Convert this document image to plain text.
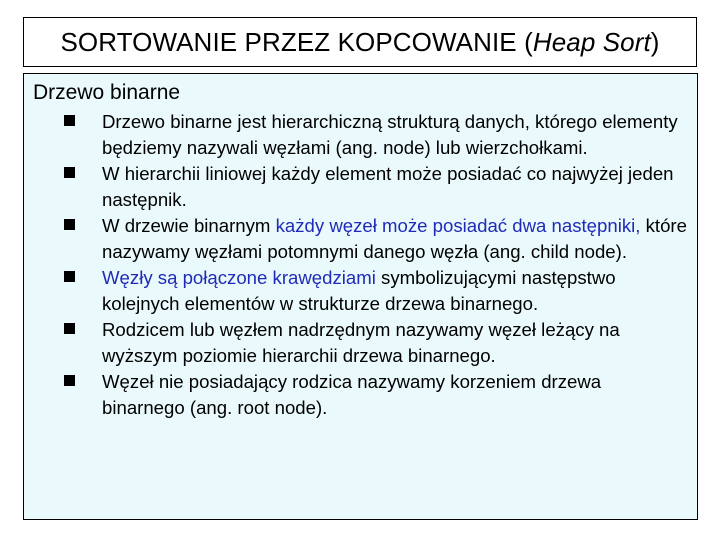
SORTOWANIE PRZEZ KOPCOWANIE (Heap Sort)
Drzewo binarne
Drzewo binarne jest hierarchiczną strukturą danych, którego elementy będziemy nazywali węzłami (ang. node) lub wierzchołkami.
W hierarchii liniowej każdy element może posiadać co najwyżej jeden następnik.
W drzewie binarnym każdy węzeł może posiadać dwa następniki, które nazywamy węzłami potomnymi danego węzła (ang. child node).
Węzły są połączone krawędziami symbolizującymi następstwo kolejnych elementów w strukturze drzewa binarnego.
Rodzicem lub węzłem nadrzędnym nazywamy węzeł leżący na wyższym poziomie hierarchii drzewa binarnego.
Węzeł nie posiadający rodzica nazywamy korzeniem drzewa binarnego (ang. root node).
